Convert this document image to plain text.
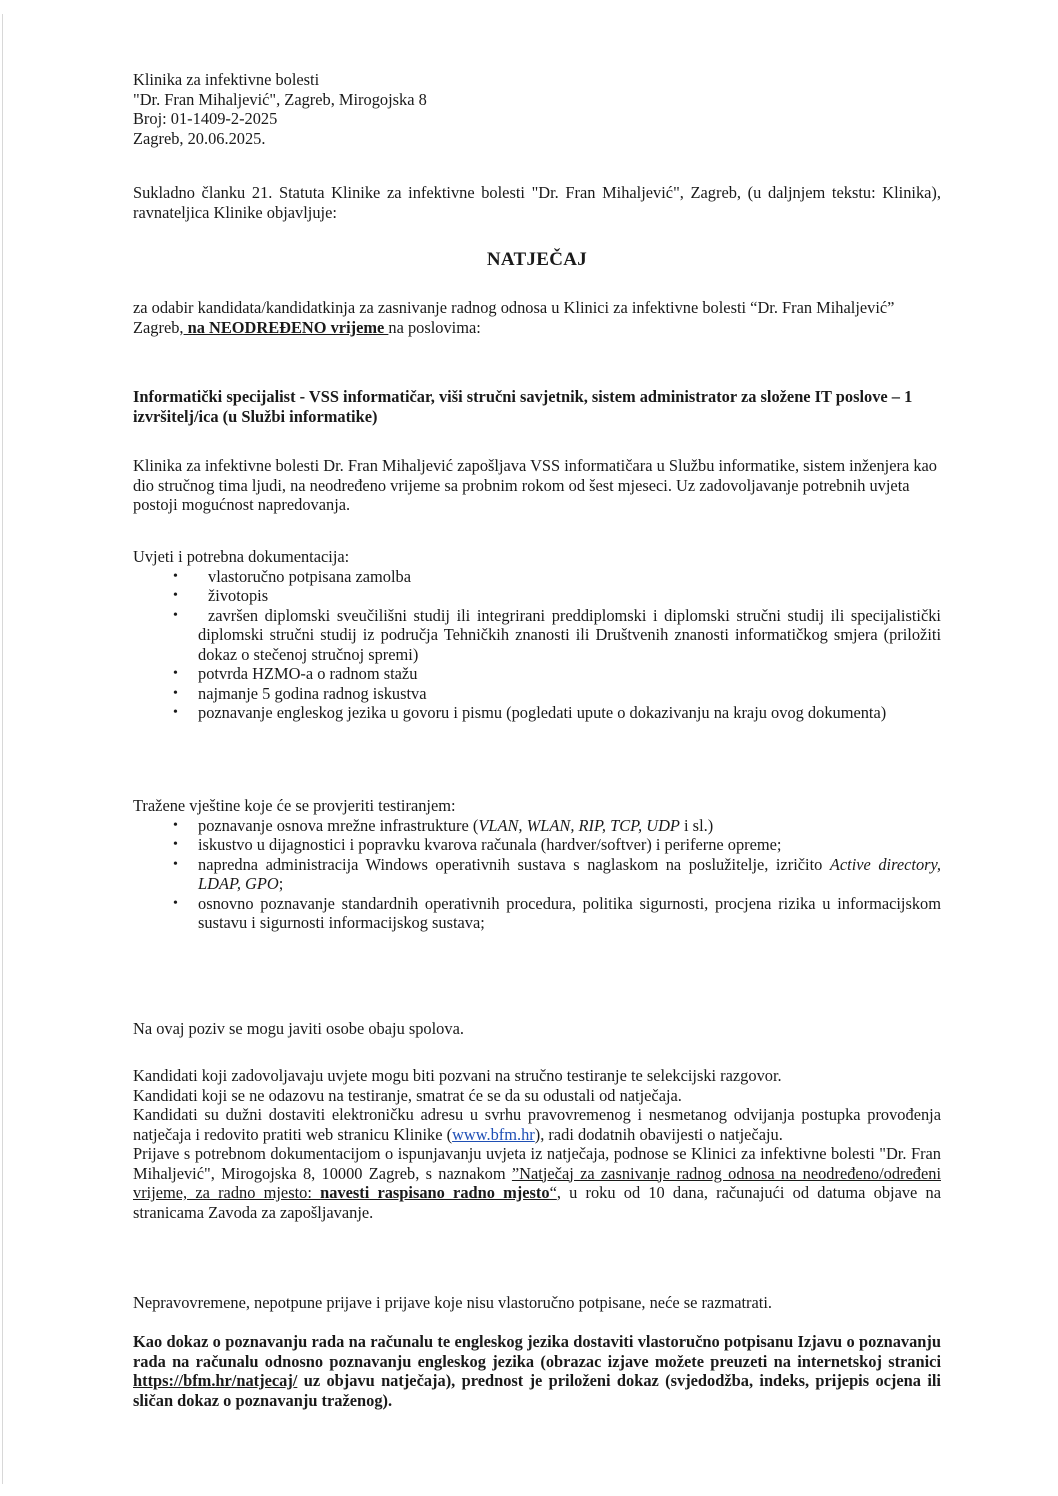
Klinika za infektivne bolesti

"Dr. Fran Mihaljević", Zagreb, Mirogojska 8

Broj: 01-1409-2-2025

Zagreb, 20.06.2025.

Sukladno članku 21. Statuta Klinike za infektivne bolesti "Dr. Fran Mihaljević", Zagreb, (u daljnjem tekstu: Klinika), ravnateljica Klinike objavljuje:

NATJEČAJ

za odabir kandidata/kandidatkinja za zasnivanje radnog odnosa u Klinici za infektivne bolesti “Dr. Fran Mihaljević” Zagreb, na NEODREĐENO vrijeme na poslovima:

Informatički specijalist - VSS informatičar, viši stručni savjetnik, sistem administrator za složene IT poslove – 1 izvršitelj/ica (u Službi informatike)

Klinika za infektivne bolesti Dr. Fran Mihaljević zapošljava VSS informatičara u Službu informatike, sistem inženjera kao dio stručnog tima ljudi, na neodređeno vrijeme sa probnim rokom od šest mjeseci. Uz zadovoljavanje potrebnih uvjeta postoji mogućnost napredovanja.

Uvjeti i potrebna dokumentacija:

• vlastoručno potpisana zamolba
• životopis
• završen diplomski sveučilišni studij ili integrirani preddiplomski i diplomski stručni studij ili specijalistički diplomski stručni studij iz područja Tehničkih znanosti ili Društvenih znanosti informatičkog smjera (priložiti dokaz o stečenoj stručnoj spremi)
• potvrda HZMO-a o radnom stažu
• najmanje 5 godina radnog iskustva
• poznavanje engleskog jezika u govoru i pismu (pogledati upute o dokazivanju na kraju ovog dokumenta)

Tražene vještine koje će se provjeriti testiranjem:

• poznavanje osnova mrežne infrastrukture (VLAN, WLAN, RIP, TCP, UDP i sl.)
• iskustvo u dijagnostici i popravku kvarova računala (hardver/softver) i periferne opreme;
• napredna administracija Windows operativnih sustava s naglaskom na poslužitelje, izričito Active directory, LDAP, GPO;
• osnovno poznavanje standardnih operativnih procedura, politika sigurnosti, procjena rizika u informacijskom sustavu i sigurnosti informacijskog sustava;

Na ovaj poziv se mogu javiti osobe obaju spolova.

Kandidati koji zadovoljavaju uvjete mogu biti pozvani na stručno testiranje te selekcijski razgovor.

Kandidati koji se ne odazovu na testiranje, smatrat će se da su odustali od natječaja.

Kandidati su dužni dostaviti elektroničku adresu u svrhu pravovremenog i nesmetanog odvijanja postupka provođenja natječaja i redovito pratiti web stranicu Klinike (www.bfm.hr), radi dodatnih obavijesti o natječaju.

Prijave s potrebnom dokumentacijom o ispunjavanju uvjeta iz natječaja, podnose se Klinici za infektivne bolesti "Dr. Fran Mihaljević", Mirogojska 8, 10000 Zagreb, s naznakom ”Natječaj za zasnivanje radnog odnosa na neodređeno/određeni vrijeme, za radno mjesto: navesti raspisano radno mjesto“, u roku od 10 dana, računajući od datuma objave na stranicama Zavoda za zapošljavanje.

Nepravovremene, nepotpune prijave i prijave koje nisu vlastoručno potpisane, neće se razmatrati.

Kao dokaz o poznavanju rada na računalu te engleskog jezika dostaviti vlastoručno potpisanu Izjavu o poznavanju rada na računalu odnosno poznavanju engleskog jezika (obrazac izjave možete preuzeti na internetskoj stranici https://bfm.hr/natjecaj/ uz objavu natječaja), prednost je priloženi dokaz (svjedodžba, indeks, prijepis ocjena ili sličan dokaz o poznavanju traženog).
